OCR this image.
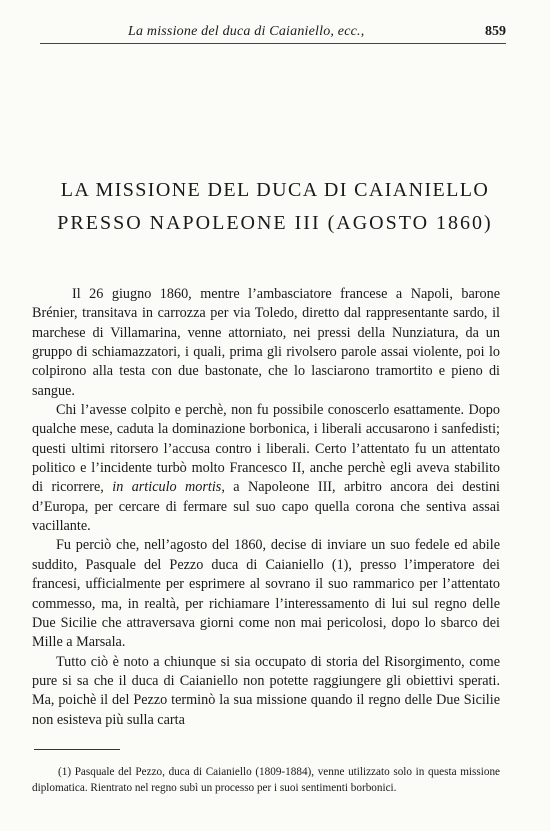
La missione del duca di Caianiello, ecc.,	859
LA MISSIONE DEL DUCA DI CAIANIELLO
PRESSO NAPOLEONE III (AGOSTO 1860)

Il 26 giugno 1860, mentre l’ambasciatore francese a Napoli, barone Brénier, transitava in carrozza per via Toledo, diretto dal rappresentante sardo, il marchese di Villamarina, venne attorniato, nei pressi della Nunziatura, da un gruppo di schiamazzatori, i quali, prima gli rivolsero parole assai violente, poi lo colpirono alla testa con due bastonate, che lo lasciarono tramortito e pieno di sangue.

Chi l’avesse colpito e perchè, non fu possibile conoscerlo esattamente. Dopo qualche mese, caduta la dominazione borbonica, i liberali accusarono i sanfedisti; questi ultimi ritorsero l’accusa contro i liberali. Certo l’attentato fu un attentato politico e l’incidente turbò molto Francesco II, anche perchè egli aveva stabilito di ricorrere, in articulo mortis, a Napoleone III, arbitro ancora dei destini d’Europa, per cercare di fermare sul suo capo quella corona che sentiva assai vacillante.

Fu perciò che, nell’agosto del 1860, decise di inviare un suo fedele ed abile suddito, Pasquale del Pezzo duca di Caianiello (1), presso l’imperatore dei francesi, ufficialmente per esprimere al sovrano il suo rammarico per l’attentato commesso, ma, in realtà, per richiamare l’interessamento di lui sul regno delle Due Sicilie che attraversava giorni come non mai pericolosi, dopo lo sbarco dei Mille a Marsala.

Tutto ciò è noto a chiunque si sia occupato di storia del Risorgimento, come pure si sa che il duca di Caianiello non potette raggiungere gli obiettivi sperati. Ma, poichè il del Pezzo terminò la sua missione quando il regno delle Due Sicilie non esisteva più sulla carta

(1) Pasquale del Pezzo, duca di Caianiello (1809-1884), venne utilizzato solo in questa missione diplomatica. Rientrato nel regno subì un processo per i suoi sentimenti borbonici.
